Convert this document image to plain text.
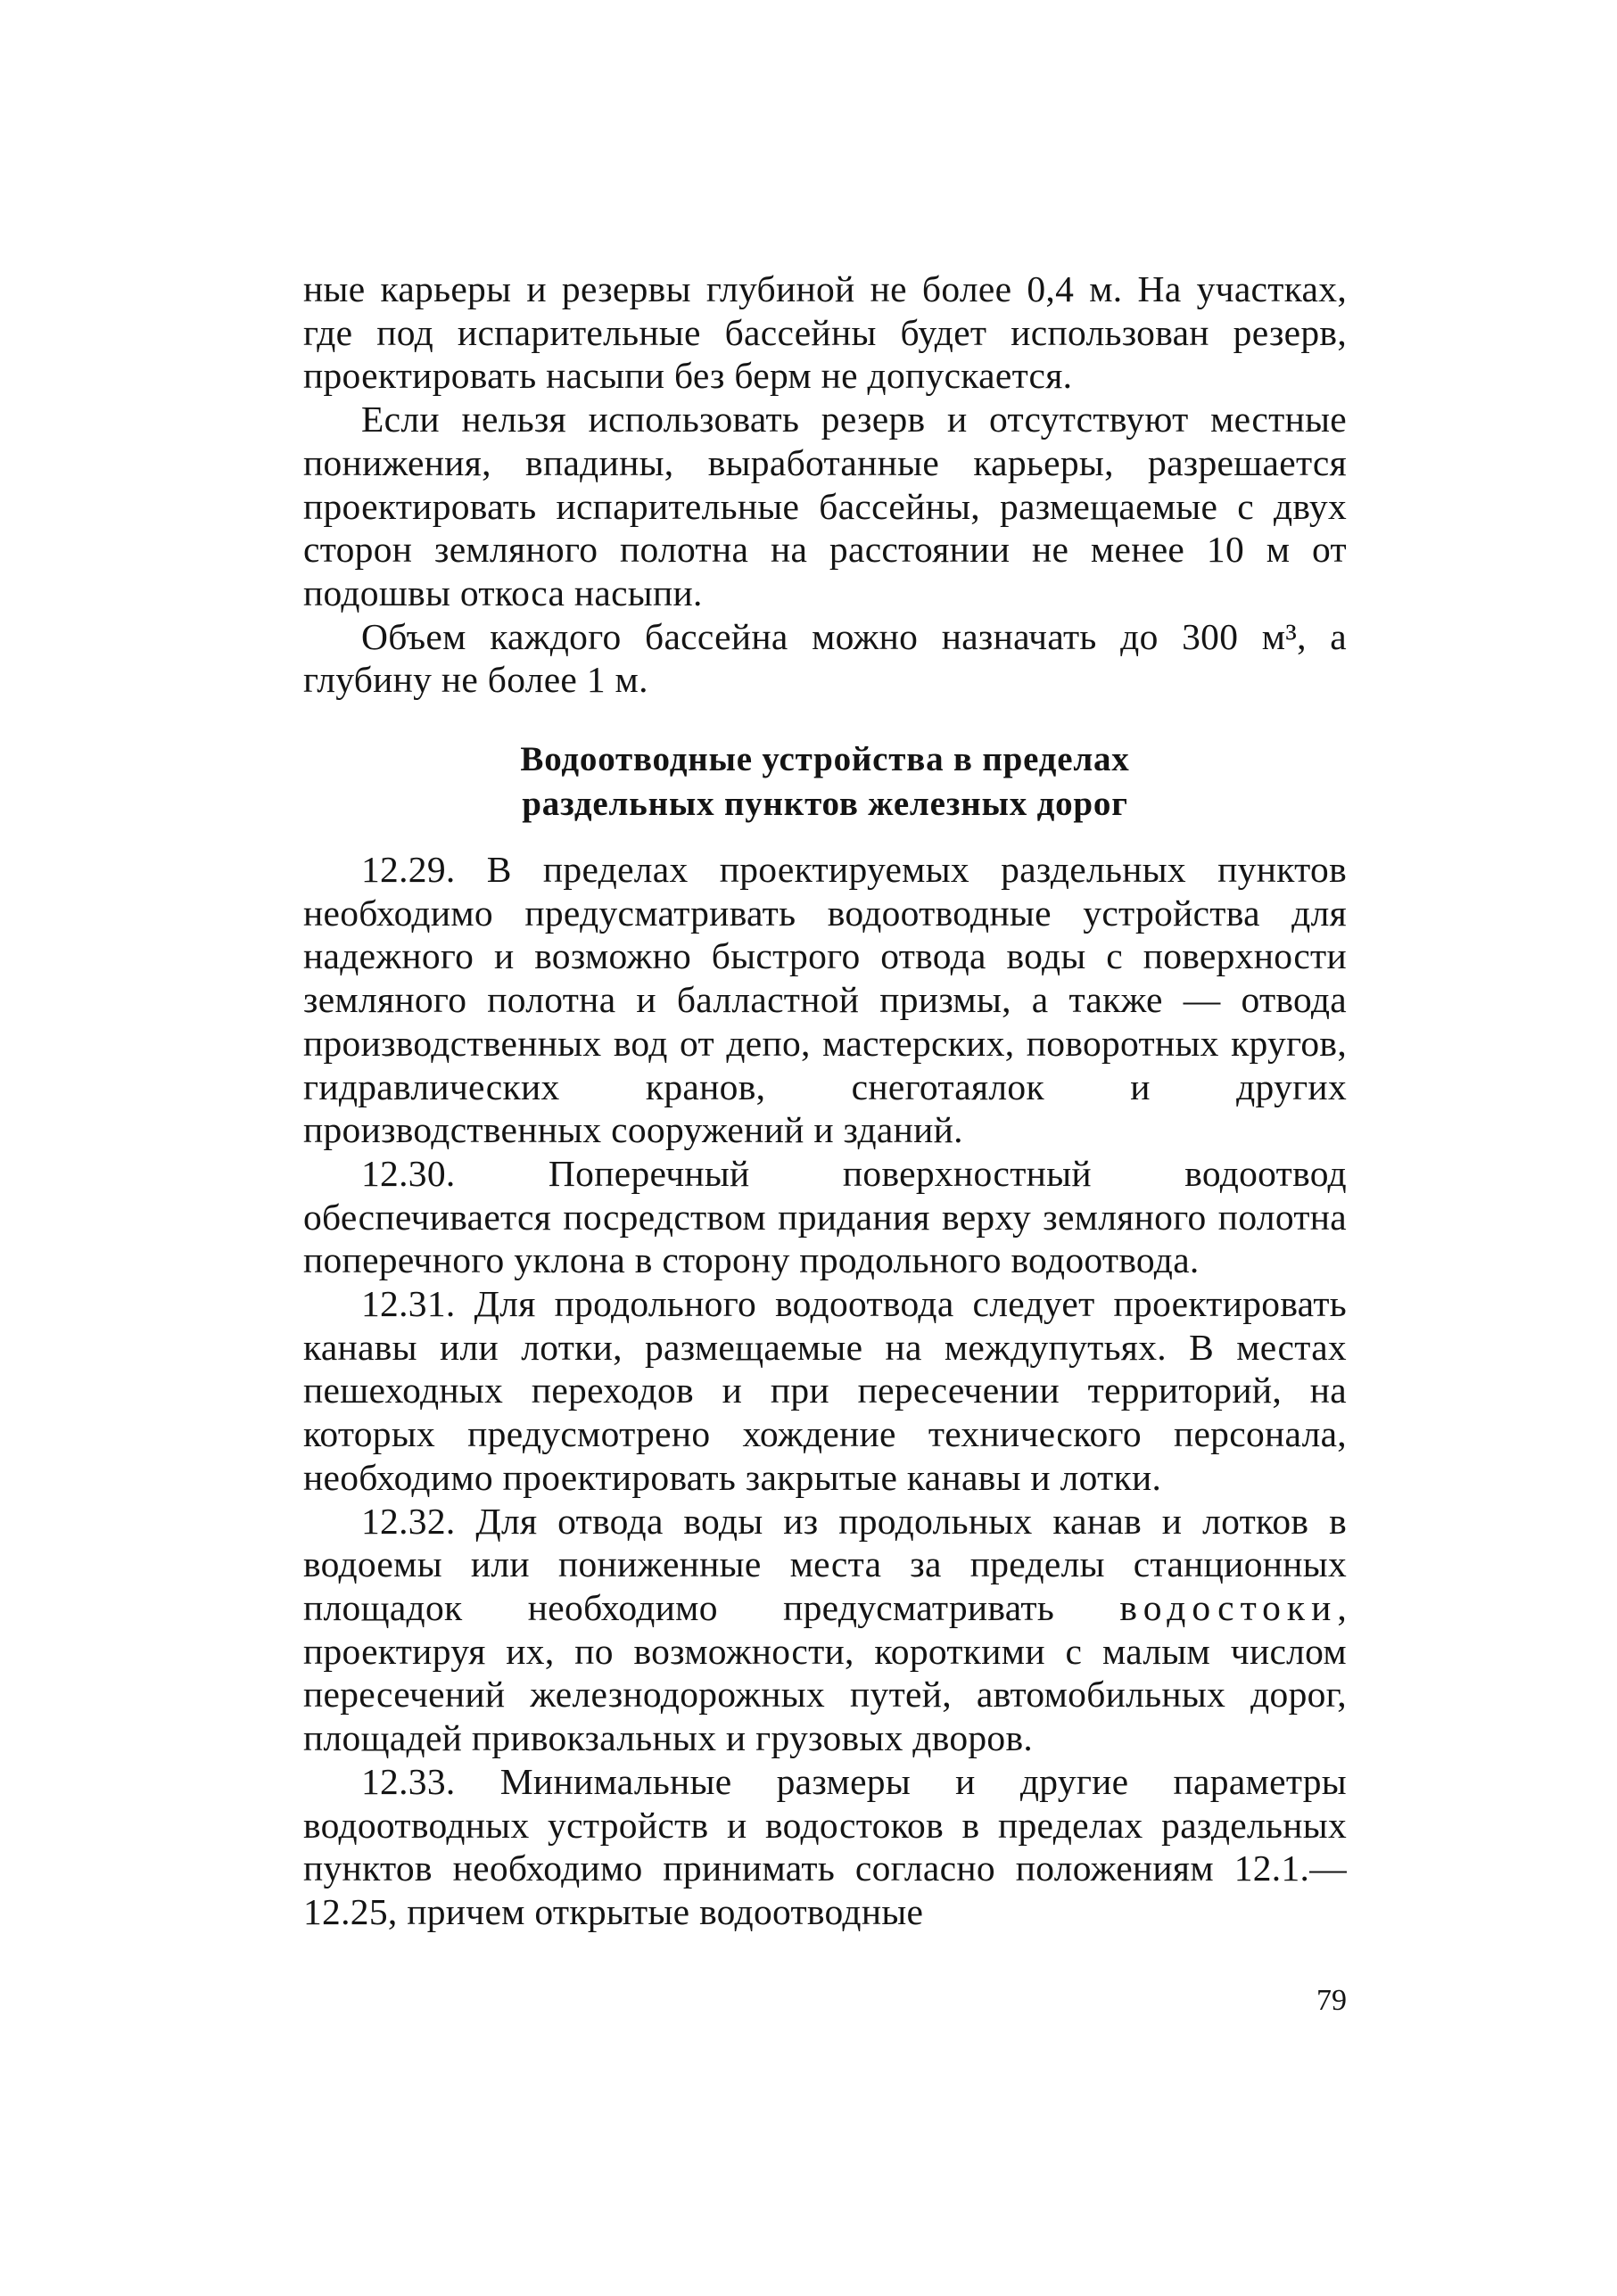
ные карьеры и резервы глубиной не более 0,4 м. На участках, где под испарительные бассейны будет использован резерв, проектировать насыпи без берм не допускается.

Если нельзя использовать резерв и отсутствуют местные понижения, впадины, выработанные карьеры, разрешается проектировать испарительные бассейны, размещаемые с двух сторон земляного полотна на расстоянии не менее 10 м от подошвы откоса насыпи.

Объем каждого бассейна можно назначать до 300 м³, а глубину не более 1 м.

Водоотводные устройства в пределах
раздельных пунктов железных дорог

12.29. В пределах проектируемых раздельных пунктов необходимо предусматривать водоотводные устройства для надежного и возможно быстрого отвода воды с поверхности земляного полотна и балластной призмы, а также — отвода производственных вод от депо, мастерских, поворотных кругов, гидравлических кранов, снеготаялок и других производственных сооружений и зданий.

12.30.	Поперечный поверхностный водоотвод обеспечивается посредством придания верху земляного полотна поперечного уклона в сторону продольного водоотвода.

12.31. Для продольного водоотвода следует проектировать канавы или лотки, размещаемые на междупутьях. В местах пешеходных переходов и при пересечении территорий, на которых предусмотрено хождение технического персонала, необходимо проектировать закрытые канавы и лотки.

12.32. Для отвода воды из продольных канав и лотков в водоемы или пониженные места за пределы станционных площадок необходимо предусматривать водостоки, проектируя их, по возможности, короткими с малым числом пересечений железнодорожных путей, автомобильных дорог, площадей привокзальных и грузовых дворов.

12.33. Минимальные размеры и другие параметры водоотводных устройств и водостоков в пределах раздельных пунктов необходимо принимать согласно положениям 12.1.—12.25, причем открытые водоотводные

79
